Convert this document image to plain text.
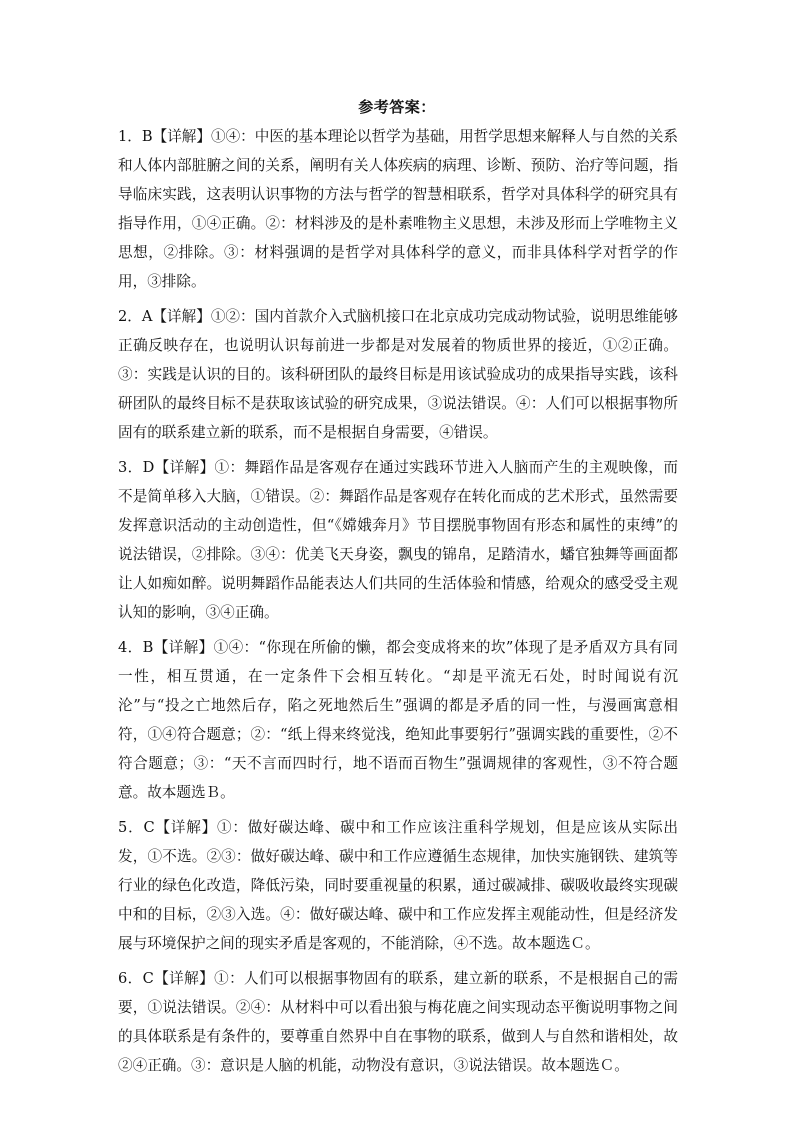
参考答案：

1．B【详解】①④：中医的基本理论以哲学为基础，用哲学思想来解释人与自然的关系和人体内部脏腑之间的关系，阐明有关人体疾病的病理、诊断、预防、治疗等问题，指导临床实践，这表明认识事物的方法与哲学的智慧相联系，哲学对具体科学的研究具有指导作用，①④正确。②：材料涉及的是朴素唯物主义思想，未涉及形而上学唯物主义思想，②排除。③：材料强调的是哲学对具体科学的意义，而非具体科学对哲学的作用，③排除。

2．A【详解】①②：国内首款介入式脑机接口在北京成功完成动物试验，说明思维能够正确反映存在，也说明认识每前进一步都是对发展着的物质世界的接近，①②正确。③：实践是认识的目的。该科研团队的最终目标是用该试验成功的成果指导实践，该科研团队的最终目标不是获取该试验的研究成果，③说法错误。④：人们可以根据事物所固有的联系建立新的联系，而不是根据自身需要，④错误。

3．D【详解】①：舞蹈作品是客观存在通过实践环节进入人脑而产生的主观映像，而不是简单移入大脑，①错误。②：舞蹈作品是客观存在转化而成的艺术形式，虽然需要发挥意识活动的主动创造性，但“《嫦娥奔月》节目摆脱事物固有形态和属性的束缚”的说法错误，②排除。③④：优美飞天身姿，飘曳的锦帛，足踏清水，蟠官独舞等画面都让人如痴如醉。说明舞蹈作品能表达人们共同的生活体验和情感，给观众的感受受主观认知的影响，③④正确。

4．B【详解】①④：“你现在所偷的懒，都会变成将来的坎”体现了是矛盾双方具有同一性，相互贯通，在一定条件下会相互转化。“却是平流无石处，时时闻说有沉沦”与“投之亡地然后存，陷之死地然后生”强调的都是矛盾的同一性，与漫画寓意相符，①④符合题意；②：“纸上得来终觉浅，绝知此事要躬行”强调实践的重要性，②不符合题意；③：“天不言而四时行，地不语而百物生”强调规律的客观性，③不符合题意。故本题选Ｂ。

5．C【详解】①：做好碳达峰、碳中和工作应该注重科学规划，但是应该从实际出发，①不选。②③：做好碳达峰、碳中和工作应遵循生态规律，加快实施钢铁、建筑等行业的绿色化改造，降低污染，同时要重视量的积累，通过碳减排、碳吸收最终实现碳中和的目标，②③入选。④：做好碳达峰、碳中和工作应发挥主观能动性，但是经济发展与环境保护之间的现实矛盾是客观的，不能消除，④不选。故本题选Ｃ。

6．C【详解】①：人们可以根据事物固有的联系，建立新的联系，不是根据自己的需要，①说法错误。②④：从材料中可以看出狼与梅花鹿之间实现动态平衡说明事物之间的具体联系是有条件的，要尊重自然界中自在事物的联系，做到人与自然和谐相处，故②④正确。③：意识是人脑的机能，动物没有意识，③说法错误。故本题选Ｃ。
